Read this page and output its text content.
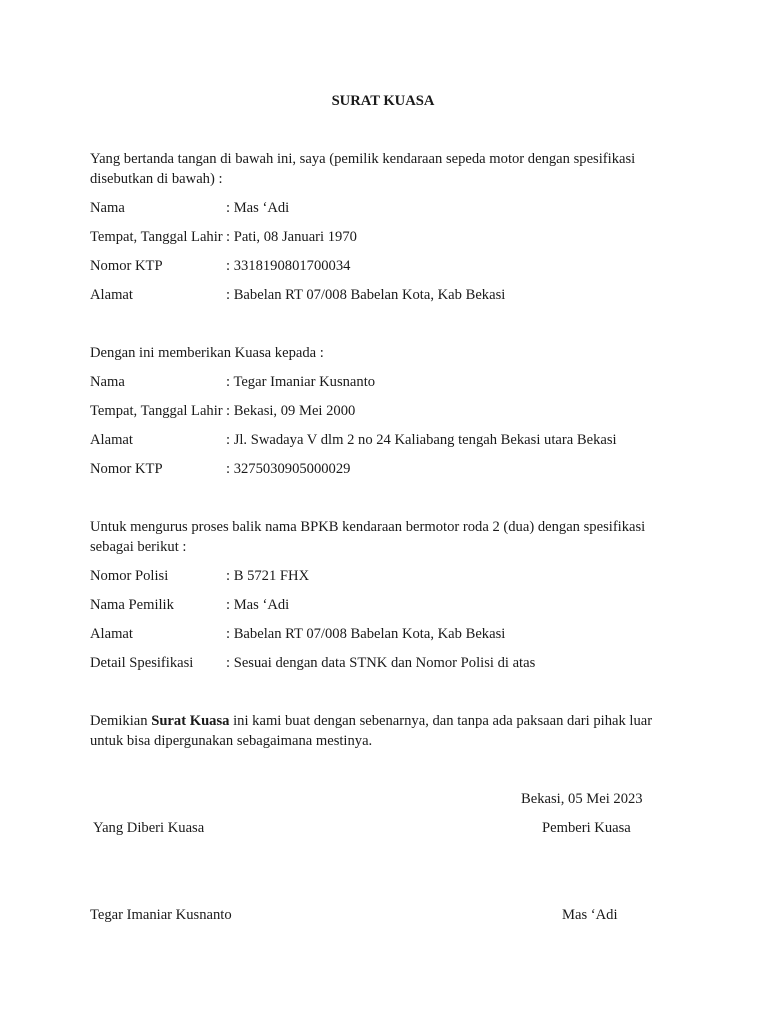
SURAT KUASA
Yang bertanda tangan di bawah ini, saya (pemilik kendaraan sepeda motor dengan spesifikasi disebutkan di bawah) :
Nama	: Mas ‘Adi
Tempat, Tanggal Lahir : Pati, 08 Januari 1970
Nomor KTP	: 3318190801700034
Alamat	: Babelan RT 07/008 Babelan Kota, Kab Bekasi
Dengan ini memberikan Kuasa kepada :
Nama	: Tegar Imaniar Kusnanto
Tempat, Tanggal Lahir : Bekasi, 09 Mei 2000
Alamat	: Jl. Swadaya V dlm 2 no 24 Kaliabang tengah Bekasi utara Bekasi
Nomor KTP	: 3275030905000029
Untuk mengurus proses balik nama BPKB kendaraan bermotor roda 2 (dua) dengan spesifikasi sebagai berikut :
Nomor Polisi	: B 5721 FHX
Nama Pemilik	: Mas ‘Adi
Alamat	: Babelan RT 07/008 Babelan Kota, Kab Bekasi
Detail Spesifikasi : Sesuai dengan data STNK dan Nomor Polisi di atas
Demikian Surat Kuasa ini kami buat dengan sebenarnya, dan tanpa ada paksaan dari pihak luar untuk bisa dipergunakan sebagaimana mestinya.
Bekasi, 05 Mei 2023
Yang Diberi Kuasa	Pemberi Kuasa
Tegar Imaniar Kusnanto	Mas ‘Adi
